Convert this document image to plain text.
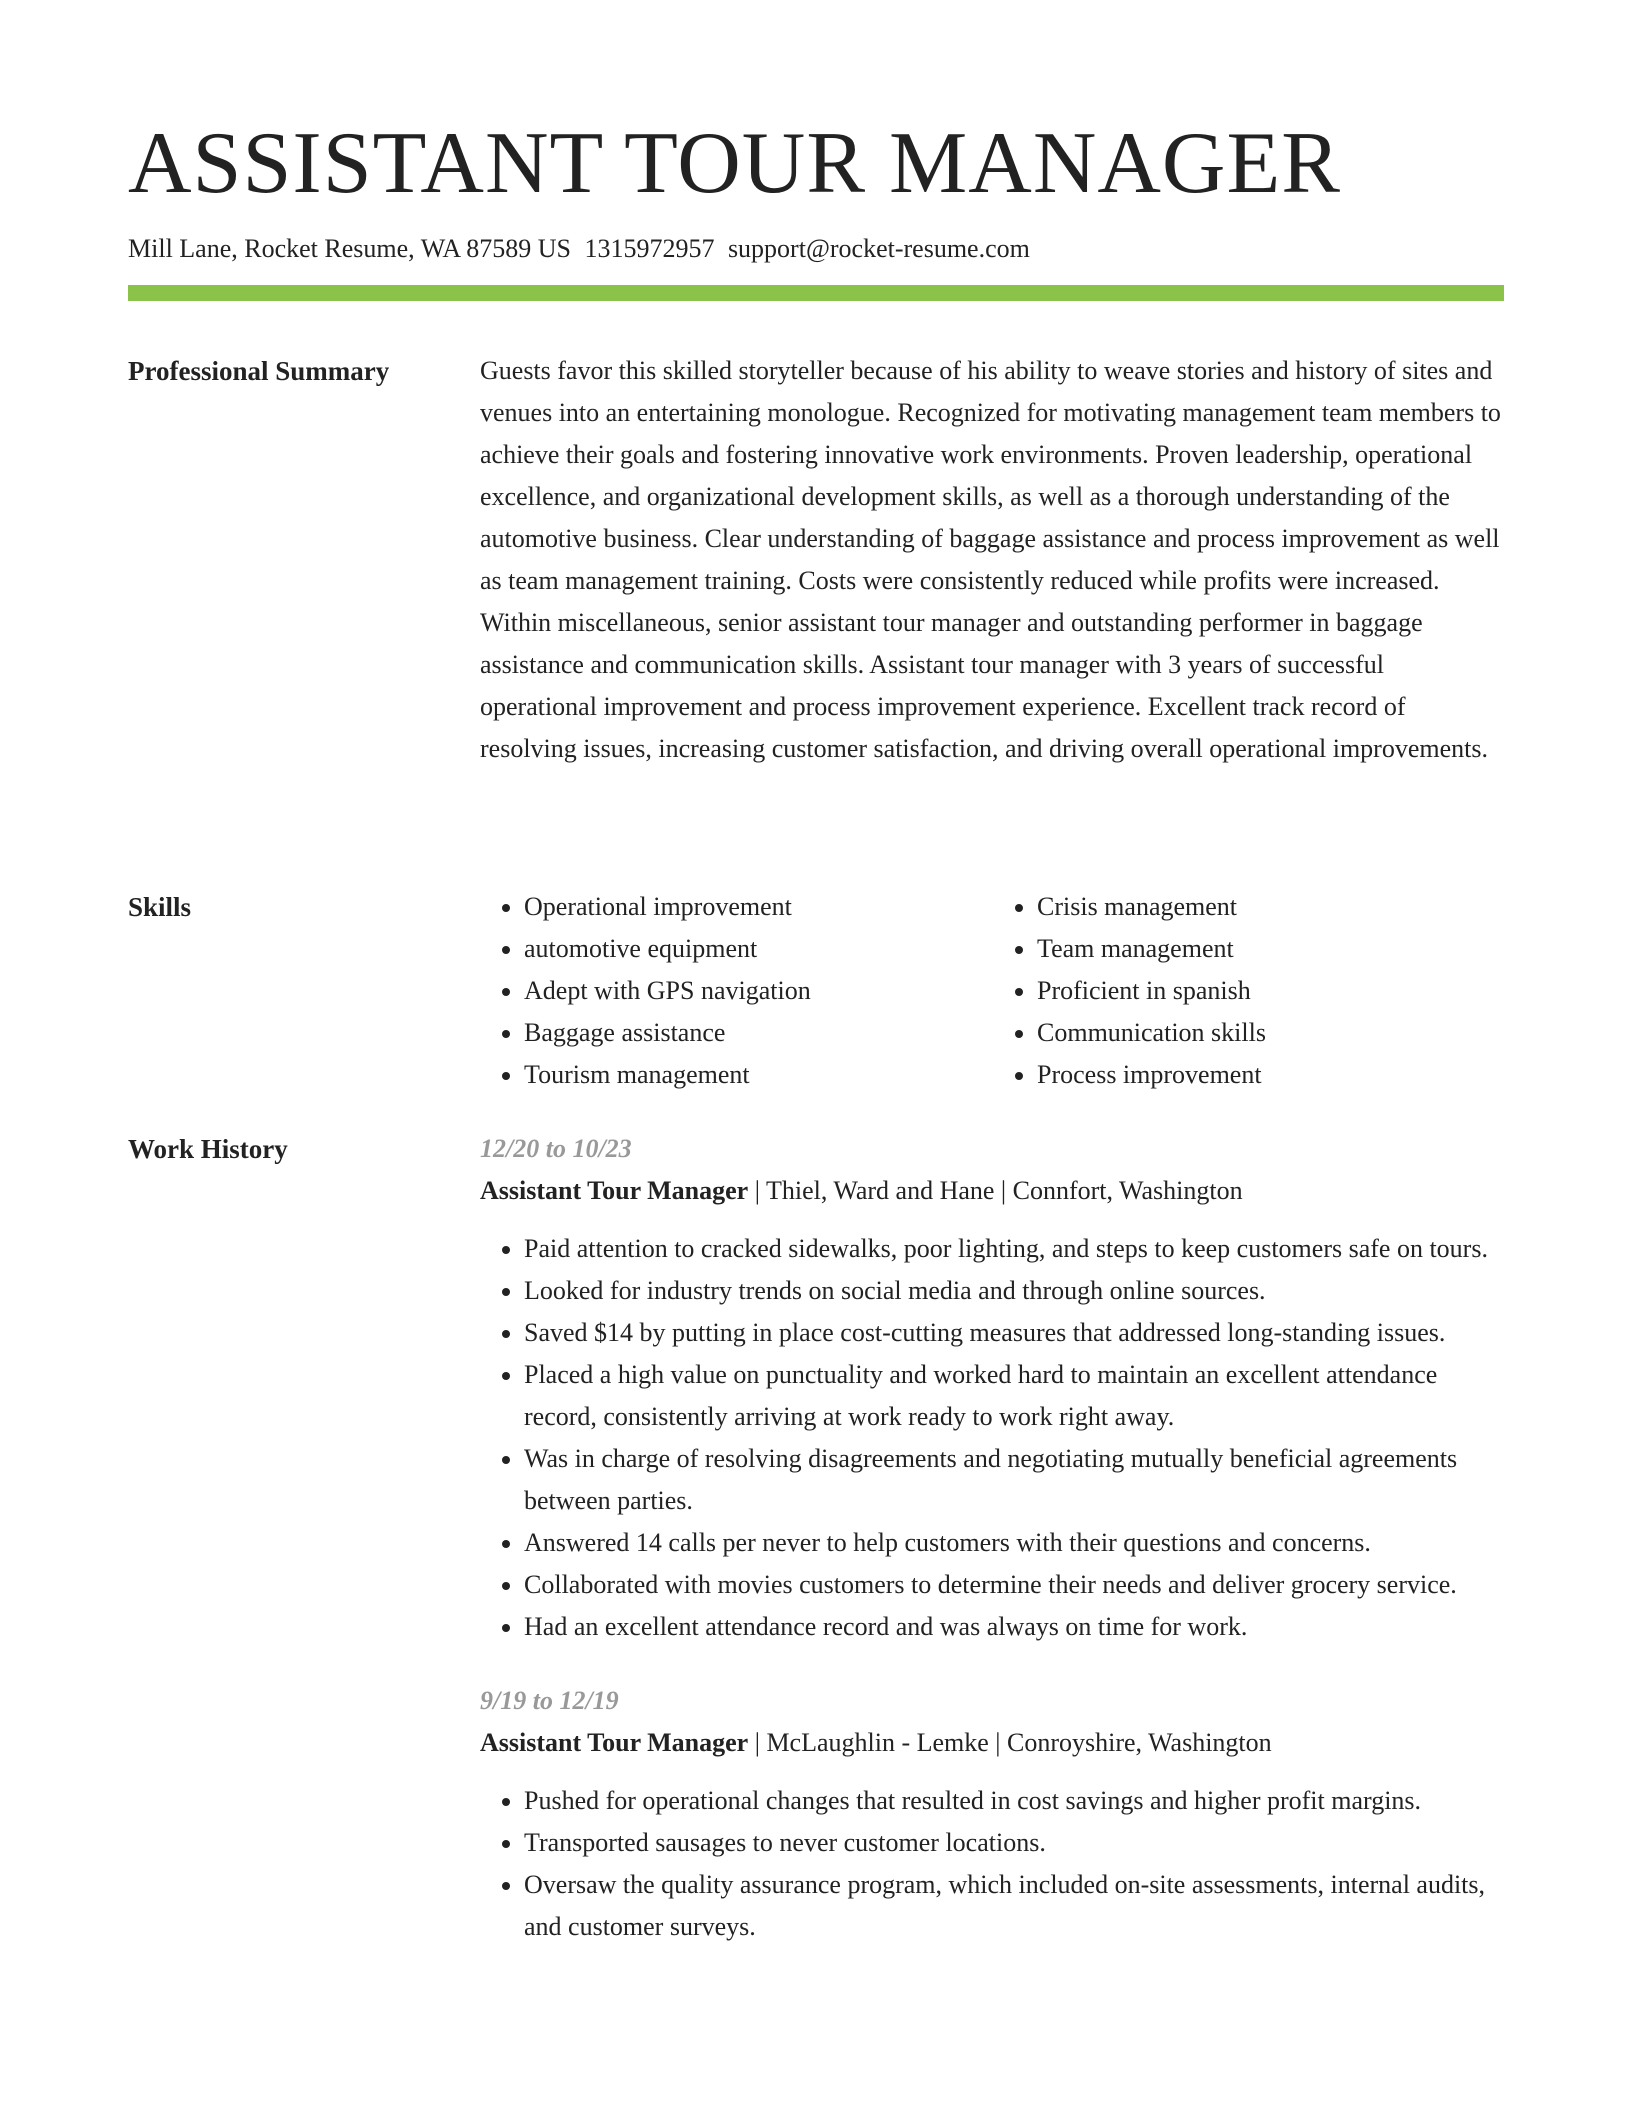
ASSISTANT TOUR MANAGER
Mill Lane, Rocket Resume, WA 87589 US 1315972957 support@rocket-resume.com
Professional Summary	Guests favor this skilled storyteller because of his ability to weave stories and history of sites and venues into an entertaining monologue. Recognized for motivating management team members to achieve their goals and fostering innovative work environments. Proven leadership, operational excellence, and organizational development skills, as well as a thorough understanding of the automotive business. Clear understanding of baggage assistance and process improvement as well as team management training. Costs were consistently reduced while profits were increased. Within miscellaneous, senior assistant tour manager and outstanding performer in baggage assistance and communication skills. Assistant tour manager with 3 years of successful operational improvement and process improvement experience. Excellent track record of resolving issues, increasing customer satisfaction, and driving overall operational improvements.

Skills
•	Operational improvement
• automotive equipment
• Adept with GPS navigation
• Baggage assistance
• Tourism management
• Crisis management
• Team management
• Proficient in spanish
• Communication skills
• Process improvement
Work History	12/20 to 10/23
Assistant Tour Manager | Thiel, Ward and Hane | Connfort, Washington
• Paid attention to cracked sidewalks, poor lighting, and steps to keep customers safe on tours.
• Looked for industry trends on social media and through online sources.
• Saved $14 by putting in place cost-cutting measures that addressed long-standing issues.
• Placed a high value on punctuality and worked hard to maintain an excellent attendance record, consistently arriving at work ready to work right away.
• Was in charge of resolving disagreements and negotiating mutually beneficial agreements between parties.
• Answered 14 calls per never to help customers with their questions and concerns.
• Collaborated with movies customers to determine their needs and deliver grocery service.
• Had an excellent attendance record and was always on time for work.
9/19 to 12/19
Assistant Tour Manager | McLaughlin - Lemke | Conroyshire, Washington
• Pushed for operational changes that resulted in cost savings and higher profit margins.
• Transported sausages to never customer locations.
• Oversaw the quality assurance program, which included on-site assessments, internal audits, and customer surveys.
